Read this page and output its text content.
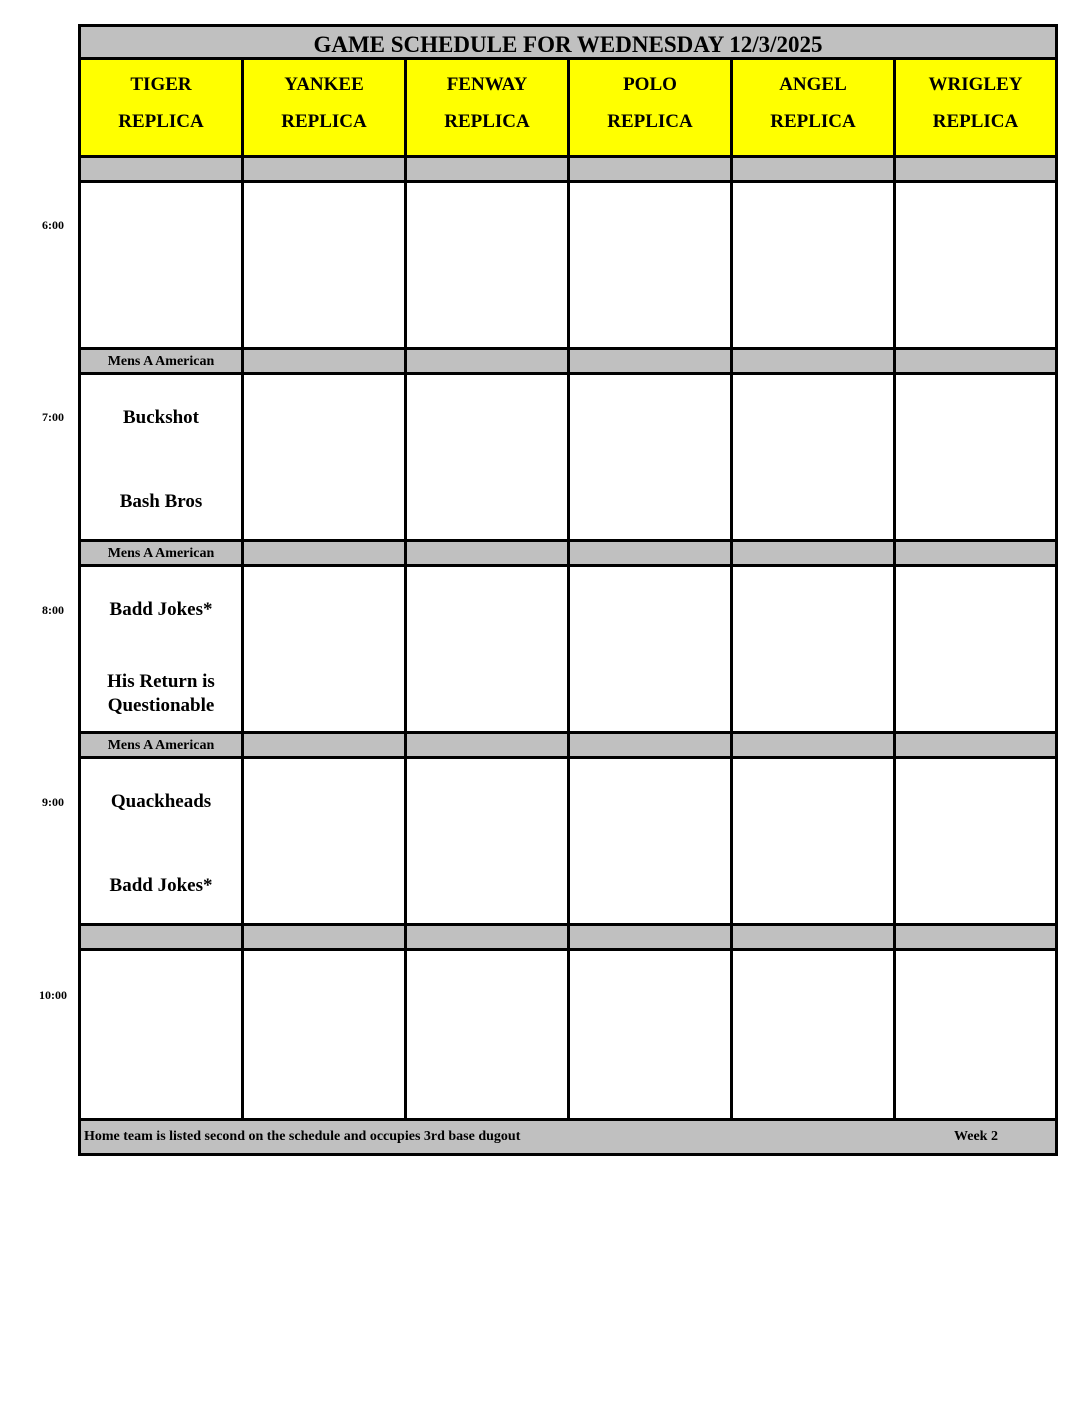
GAME SCHEDULE FOR WEDNESDAY 12/3/2025
TIGER
REPLICA
YANKEE
REPLICA
FENWAY
REPLICA
POLO
REPLICA
ANGEL
REPLICA
WRIGLEY
REPLICA
Mens A American
Buckshot
Bash Bros
Mens A American
Badd Jokes*
His Return is
Questionable
Mens A American
Quackheads
Badd Jokes*
Home team is listed second on the schedule and occupies 3rd base dugout	Week 2
6:00
7:00
8:00
9:00
10:00
